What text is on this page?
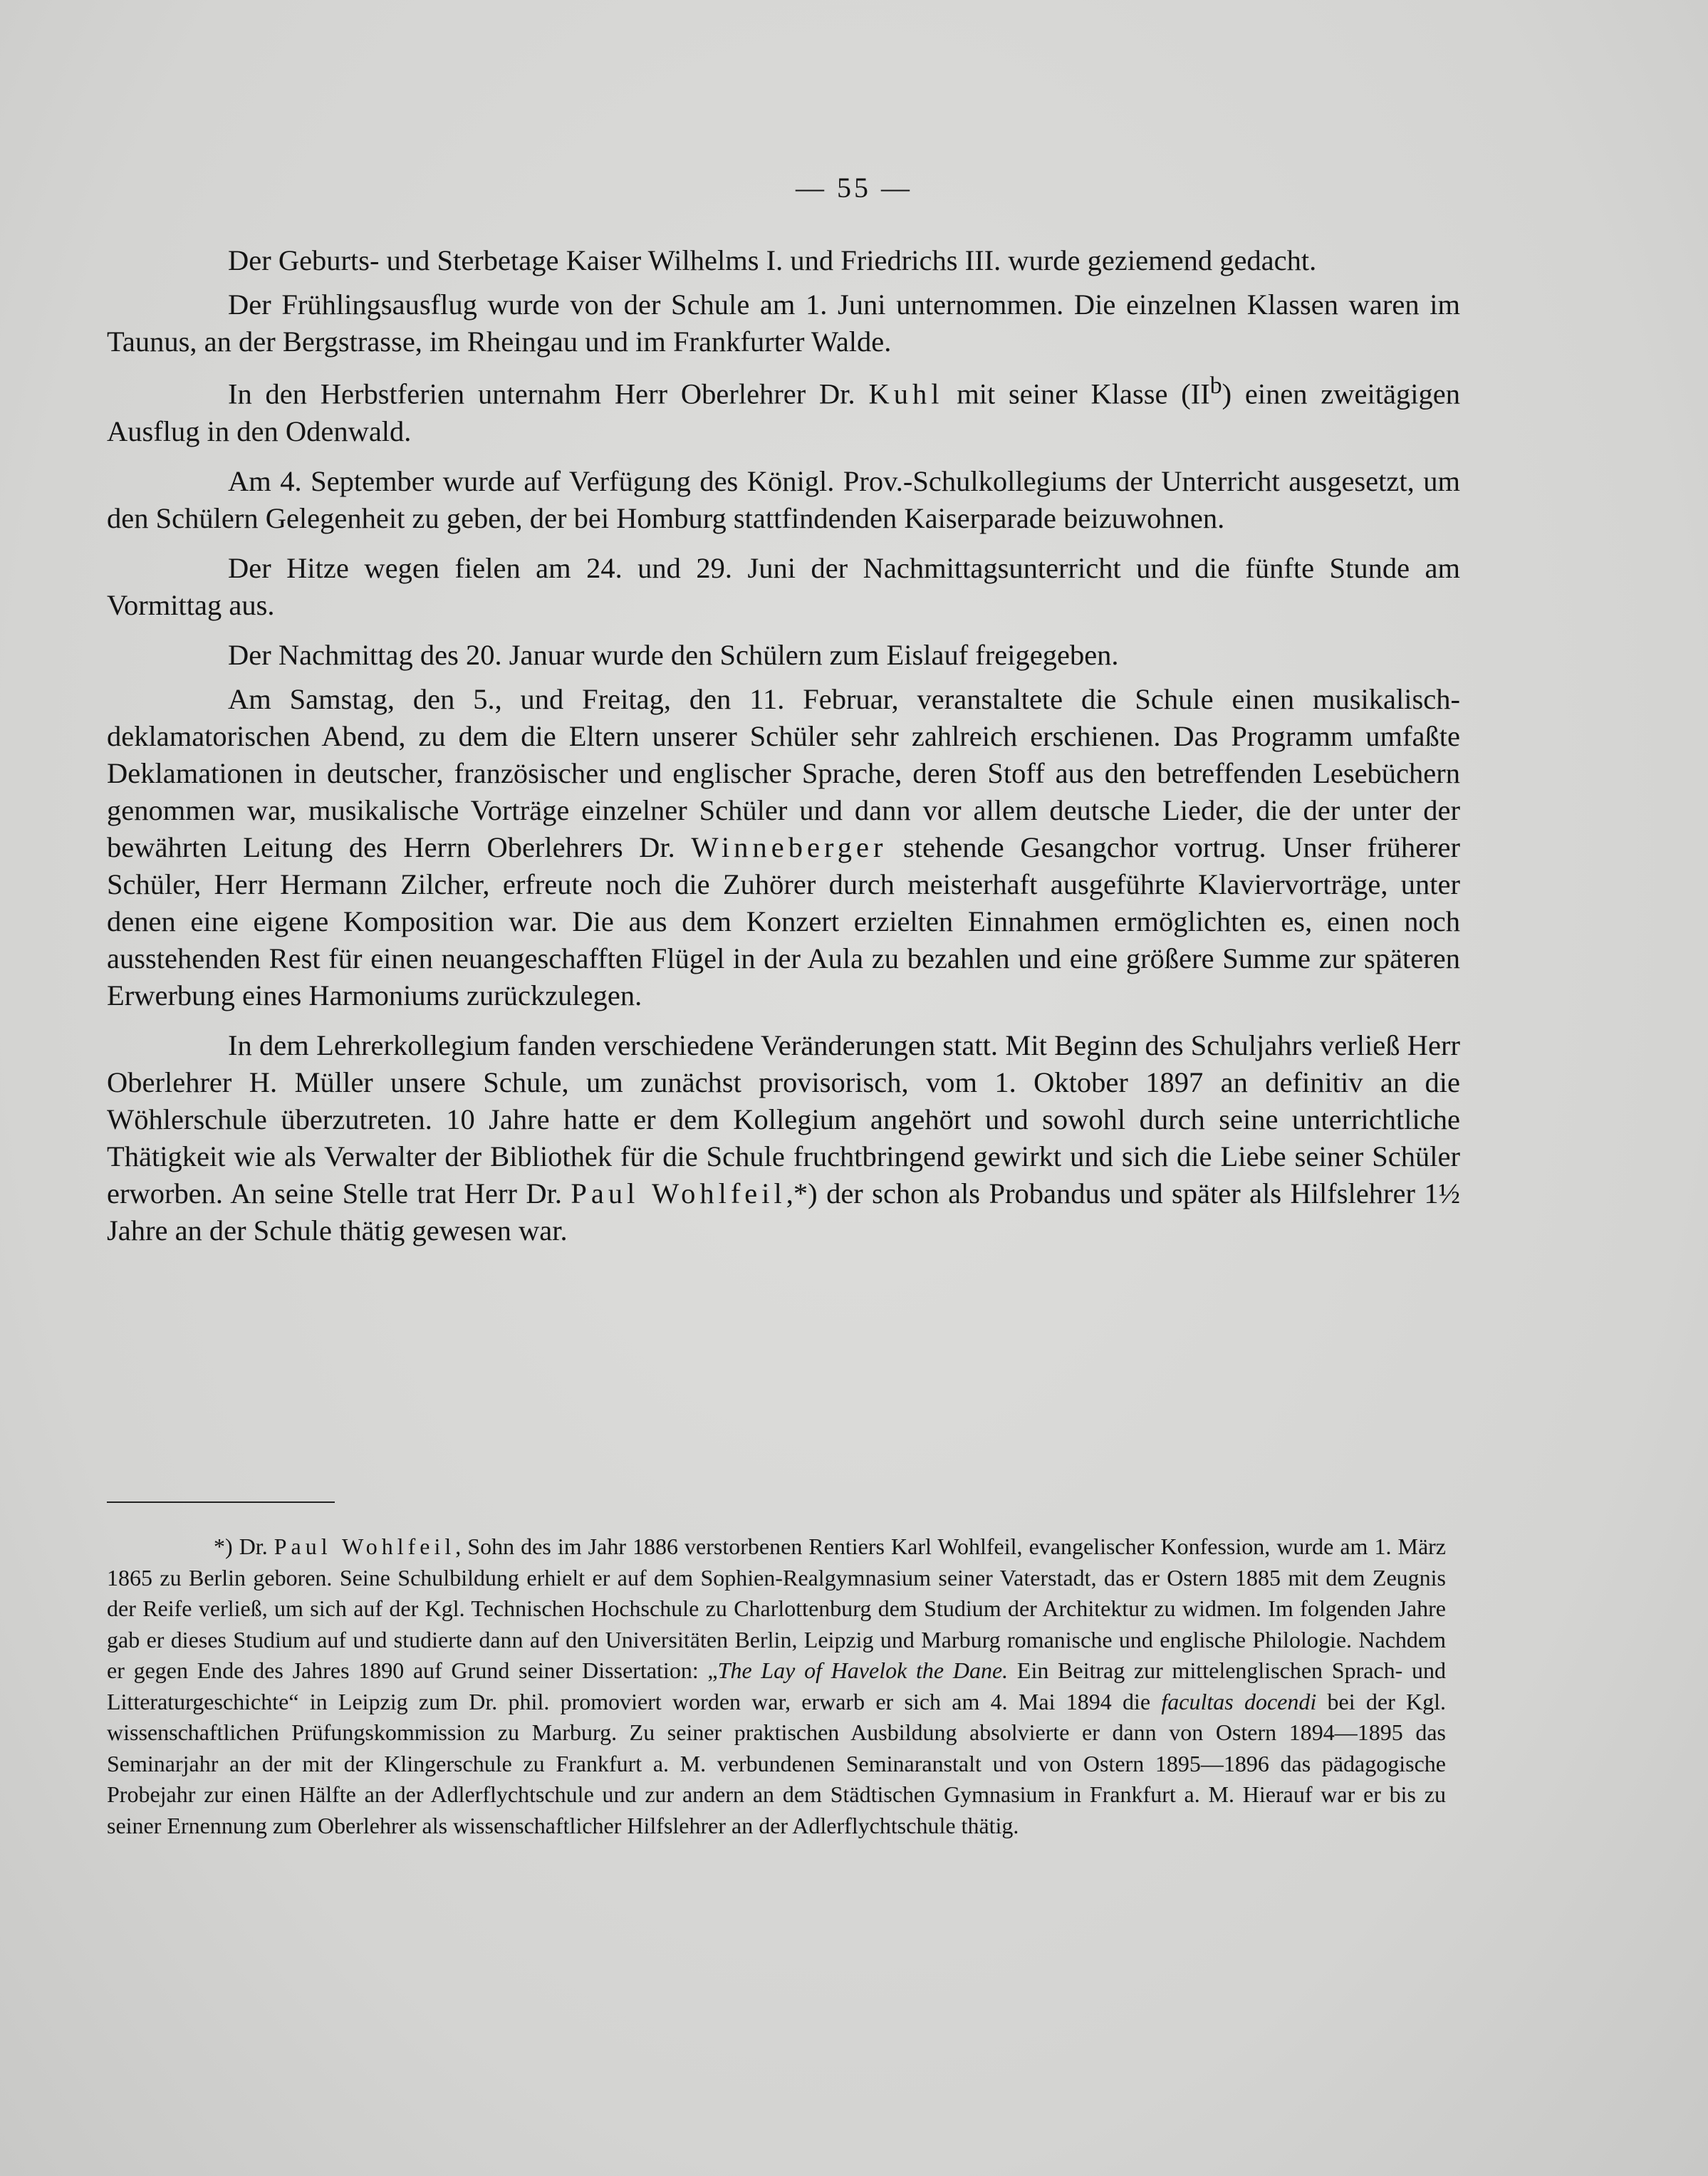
— 55 —

Der Geburts- und Sterbetage Kaiser Wilhelms I. und Friedrichs III. wurde geziemend gedacht.

Der Frühlingsausflug wurde von der Schule am 1. Juni unternommen. Die einzelnen Klassen waren im Taunus, an der Bergstrasse, im Rheingau und im Frankfurter Walde.

In den Herbstferien unternahm Herr Oberlehrer Dr. Kuhl mit seiner Klasse $(II^b)$ einen zweitägigen Ausflug in den Odenwald.

Am 4. September wurde auf Verfügung des Königl. Prov.-Schulkollegiums der Unterricht ausgesetzt, um den Schülern Gelegenheit zu geben, der bei Homburg stattfindenden Kaiserparade beizuwohnen.

Der Hitze wegen fielen am 24. und 29. Juni der Nachmittagsunterricht und die fünfte Stunde am Vormittag aus.

Der Nachmittag des 20. Januar wurde den Schülern zum Eislauf freigegeben.

Am Samstag, den 5., und Freitag, den 11. Februar, veranstaltete die Schule einen musikalisch-deklamatorischen Abend, zu dem die Eltern unserer Schüler sehr zahlreich erschienen. Das Programm umfaßte Deklamationen in deutscher, französischer und englischer Sprache, deren Stoff aus den betreffenden Lesebüchern genommen war, musikalische Vorträge einzelner Schüler und dann vor allem deutsche Lieder, die der unter der bewährten Leitung des Herrn Oberlehrers Dr. Winneberger stehende Gesangchor vortrug. Unser früherer Schüler, Herr Hermann Zilcher, erfreute noch die Zuhörer durch meisterhaft ausgeführte Klaviervorträge, unter denen eine eigene Komposition war. Die aus dem Konzert erzielten Einnahmen ermöglichten es, einen noch ausstehenden Rest für einen neuangeschafften Flügel in der Aula zu bezahlen und eine größere Summe zur späteren Erwerbung eines Harmoniums zurückzulegen.

In dem Lehrerkollegium fanden verschiedene Veränderungen statt. Mit Beginn des Schuljahrs verließ Herr Oberlehrer H. Müller unsere Schule, um zunächst provisorisch, vom 1. Oktober 1897 an definitiv an die Wöhlerschule überzutreten. 10 Jahre hatte er dem Kollegium angehört und sowohl durch seine unterrichtliche Thätigkeit wie als Verwalter der Bibliothek für die Schule fruchtbringend gewirkt und sich die Liebe seiner Schüler erworben. An seine Stelle trat Herr Dr. Paul Wohlfeil,*) der schon als Probandus und später als Hilfslehrer 1½ Jahre an der Schule thätig gewesen war.

*) Dr. Paul Wohlfeil, Sohn des im Jahr 1886 verstorbenen Rentiers Karl Wohlfeil, evangelischer Konfession, wurde am 1. März 1865 zu Berlin geboren. Seine Schulbildung erhielt er auf dem Sophien-Realgymnasium seiner Vaterstadt, das er Ostern 1885 mit dem Zeugnis der Reife verließ, um sich auf der Kgl. Technischen Hochschule zu Charlottenburg dem Studium der Architektur zu widmen. Im folgenden Jahre gab er dieses Studium auf und studierte dann auf den Universitäten Berlin, Leipzig und Marburg romanische und englische Philologie. Nachdem er gegen Ende des Jahres 1890 auf Grund seiner Dissertation: „The Lay of Havelok the Dane. Ein Beitrag zur mittelenglischen Sprach- und Litteraturgeschichte“ in Leipzig zum Dr. phil. promoviert worden war, erwarb er sich am 4. Mai 1894 die facultas docendi bei der Kgl. wissenschaftlichen Prüfungskommission zu Marburg. Zu seiner praktischen Ausbildung absolvierte er dann von Ostern 1894—1895 das Seminarjahr an der mit der Klingerschule zu Frankfurt a. M. verbundenen Seminaranstalt und von Ostern 1895—1896 das pädagogische Probejahr zur einen Hälfte an der Adlerflychtschule und zur andern an dem Städtischen Gymnasium in Frankfurt a. M. Hierauf war er bis zu seiner Ernennung zum Oberlehrer als wissenschaftlicher Hilfslehrer an der Adlerflychtschule thätig.
